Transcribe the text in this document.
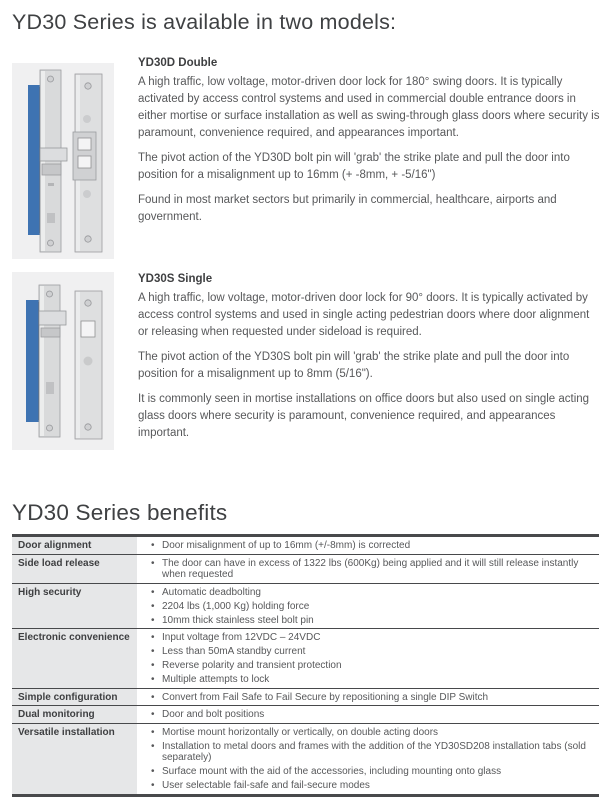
YD30 Series is available in two models:
YD30D Double

A high traffic, low voltage, motor-driven door lock for 180° swing doors. It is typically activated by access control systems and used in commercial double entrance doors in either mortise or surface installation as well as swing-through glass doors where security is paramount, convenience required, and appearances important.

The pivot action of the YD30D bolt pin will 'grab' the strike plate and pull the door into position for a misalignment up to 16mm (+ -8mm, + -5/16")

Found in most market sectors but primarily in commercial, healthcare, airports and government.

YD30S Single

A high traffic, low voltage, motor-driven door lock for 90° doors. It is typically activated by access control systems and used in single acting pedestrian doors where door alignment or releasing when requested under sideload is required.

The pivot action of the YD30S bolt pin will 'grab' the strike plate and pull the door into position for a misalignment up to 8mm (5/16").

It is commonly seen in mortise installations on office doors but also used on single acting glass doors where security is paramount, convenience required, and appearances important.

YD30 Series benefits
Door alignment	
•Door misalignment of up to 16mm (+/-8mm) is corrected

Side load release	
•The door can have in excess of 1322 lbs (600Kg) being applied and it will still release instantly when requested

High security	
•Automatic deadbolting
• 2204 lbs (1,000 Kg) holding force
• 10mm thick stainless steel bolt pin

Electronic convenience	
•Input voltage from 12VDC – 24VDC
• Less than 50mA standby current
• Reverse polarity and transient protection
• Multiple attempts to lock

Simple configuration	
•Convert from Fail Safe to Fail Secure by repositioning a single DIP Switch

Dual monitoring	
•Door and bolt positions

Versatile installation	
•Mortise mount horizontally or vertically, on double acting doors
• Installation to metal doors and frames with the addition of the YD30SD208 installation tabs (sold separately)
• Surface mount with the aid of the accessories, including mounting onto glass
• User selectable fail-safe and fail-secure modes
